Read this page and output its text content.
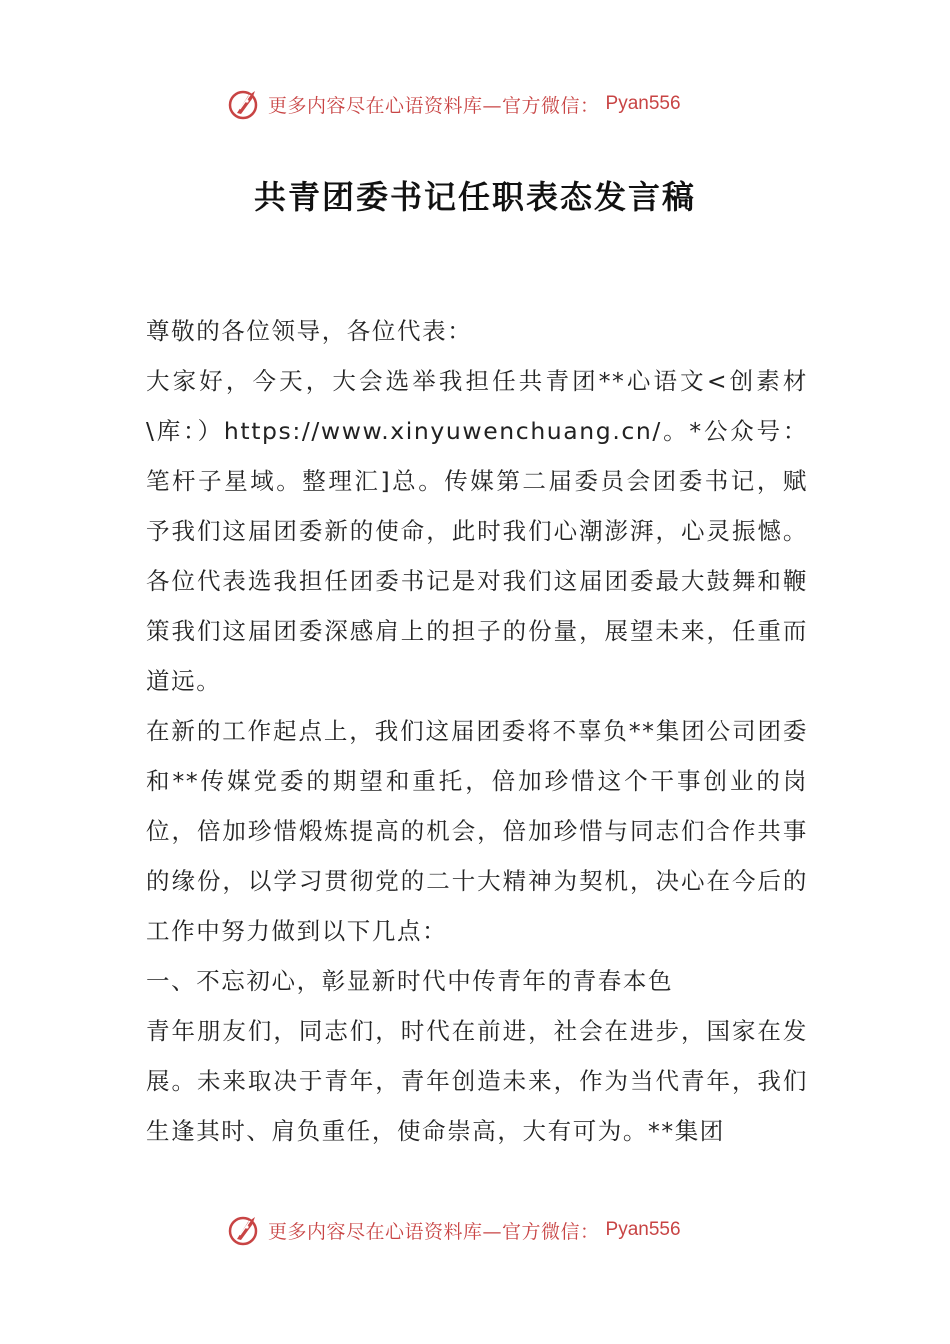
更多内容尽在心语资料库—官方微信： Pyan556
共青团委书记任职表态发言稿

尊敬的各位领导，各位代表：

大家好，今天，大会选举我担任共青团**心语文<创素材\库：）https://www.xinyuwenchuang.cn/。*公众号：笔杆子星域。整理汇]总。传媒第二届委员会团委书记，赋予我们这届团委新的使命，此时我们心潮澎湃，心灵振憾。各位代表选我担任团委书记是对我们这届团委最大鼓舞和鞭策我们这届团委深感肩上的担子的份量，展望未来，任重而道远。

在新的工作起点上，我们这届团委将不辜负**集团公司团委和**传媒党委的期望和重托，倍加珍惜这个干事创业的岗位，倍加珍惜煅炼提高的机会，倍加珍惜与同志们合作共事的缘份，以学习贯彻党的二十大精神为契机，决心在今后的工作中努力做到以下几点：

一、不忘初心，彰显新时代中传青年的青春本色

青年朋友们，同志们，时代在前进，社会在进步，国家在发展。未来取决于青年，青年创造未来，作为当代青年，我们生逢其时、肩负重任，使命崇高，大有可为。**集团

更多内容尽在心语资料库—官方微信： Pyan556
